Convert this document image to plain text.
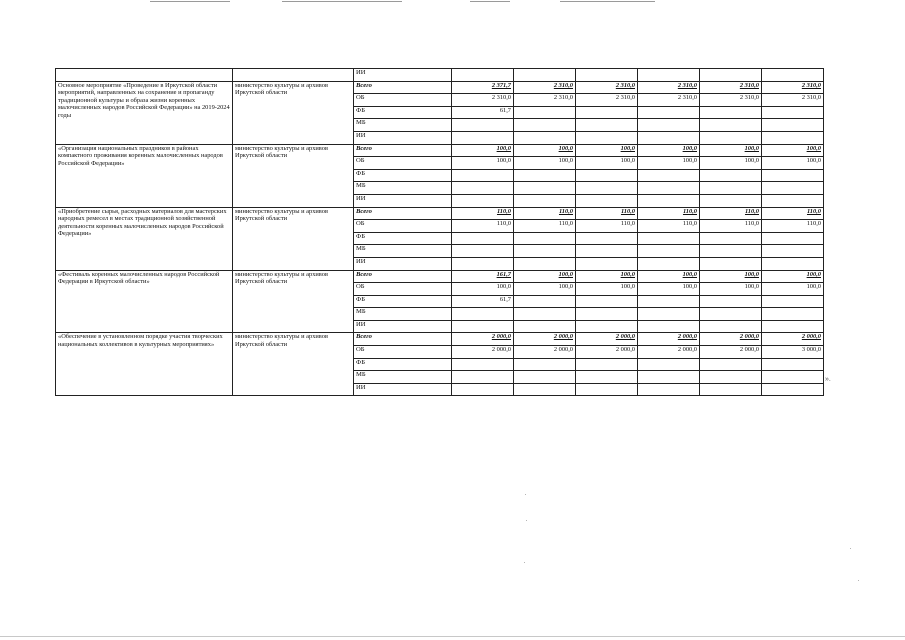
		ИИ						
Основное мероприятие «Проведение в Иркутской области мероприятий, направленных на сохранение и пропаганду традиционной культуры и образа жизни коренных малочисленных народов Российской Федерации» на 2019-2024 годы	министерство культуры и архивов Иркутской области	Всего	2 371,7	2 310,0	2 310,0	2 310,0	2 310,0	2 310,0
		ОБ	2 310,0	2 310,0	2 310,0	2 310,0	2 310,0	2 310,0
		ФБ	61,7					
		МБ						
		ИИ						
«Организация национальных праздников в районах компактного проживания коренных малочисленных народов Российской Федерации»	министерство культуры и архивов Иркутской области	Всего	100,0	100,0	100,0	100,0	100,0	100,0
		ОБ	100,0	100,0	100,0	100,0	100,0	100,0
		ФБ						
		МБ						
		ИИ						
«Приобретение сырья, расходных материалов для мастерских народных ремесел в местах традиционной хозяйственной деятельности коренных малочисленных народов Российской Федерации»	министерство культуры и архивов Иркутской области	Всего	110,0	110,0	110,0	110,0	110,0	110,0
		ОБ	110,0	110,0	110,0	110,0	110,0	110,0
		ФБ						
		МБ						
		ИИ						
«Фестиваль коренных малочисленных народов Российской Федерации в Иркутской области»	министерство культуры и архивов Иркутской области	Всего	161,7	100,0	100,0	100,0	100,0	100,0
		ОБ	100,0	100,0	100,0	100,0	100,0	100,0
		ФБ	61,7					
		МБ						
		ИИ						
«Обеспечение в установленном порядке участия творческих национальных коллективов в культурных мероприятиях»	министерство культуры и архивов Иркутской области	Всего	2 000,0	2 000,0	2 000,0	2 000,0	2 000,0	2 000,0
		ОБ	2 000,0	2 000,0	2 000,0	2 000,0	2 000,0	3 000,0
		ФБ						
		МБ						
		ИИ						
».
